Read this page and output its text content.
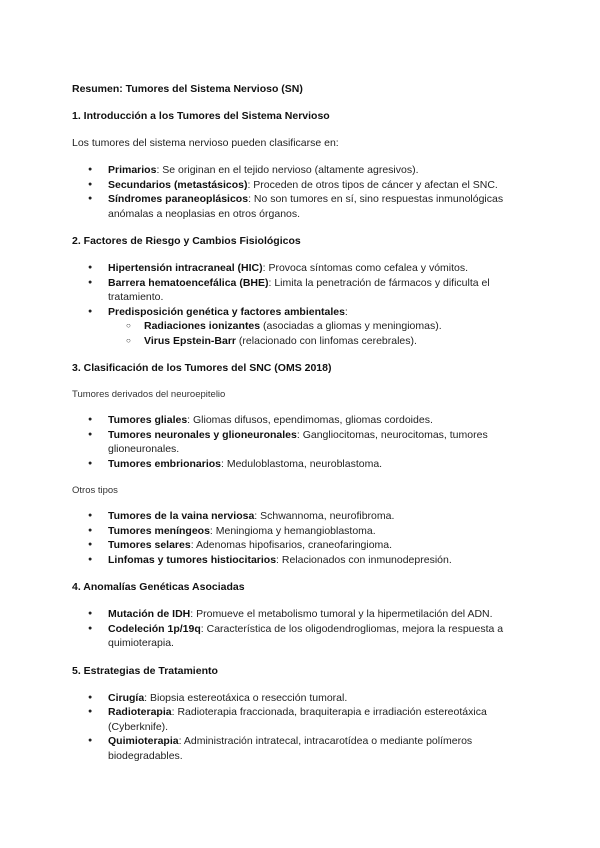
Resumen: Tumores del Sistema Nervioso (SN)
1. Introducción a los Tumores del Sistema Nervioso

Los tumores del sistema nervioso pueden clasificarse en:

● Primarios: Se originan en el tejido nervioso (altamente agresivos).
● Secundarios (metastásicos): Proceden de otros tipos de cáncer y afectan el SNC.
● Síndromes paraneoplásicos: No son tumores en sí, sino respuestas inmunológicas anómalas a neoplasias en otros órganos.
2. Factores de Riesgo y Cambios Fisiológicos
● Hipertensión intracraneal (HIC): Provoca síntomas como cefalea y vómitos.
● Barrera hematoencefálica (BHE): Limita la penetración de fármacos y dificulta el tratamiento.
● Predisposición genética y factores ambientales:
○ Radiaciones ionizantes (asociadas a gliomas y meningiomas).
○ Virus Epstein-Barr (relacionado con linfomas cerebrales).
3. Clasificación de los Tumores del SNC (OMS 2018)

Tumores derivados del neuroepitelio

● Tumores gliales: Gliomas difusos, ependimomas, gliomas cordoides.
● Tumores neuronales y glioneuronales: Gangliocitomas, neurocitomas, tumores glioneuronales.
● Tumores embrionarios: Meduloblastoma, neuroblastoma.

Otros tipos

● Tumores de la vaina nerviosa: Schwannoma, neurofibroma.
● Tumores meníngeos: Meningioma y hemangioblastoma.
● Tumores selares: Adenomas hipofisarios, craneofaringioma.
● Linfomas y tumores histiocitarios: Relacionados con inmunodepresión.
4. Anomalías Genéticas Asociadas
● Mutación de IDH: Promueve el metabolismo tumoral y la hipermetilación del ADN.
● Codeleción 1p/19q: Característica de los oligodendrogliomas, mejora la respuesta a quimioterapia.
5. Estrategias de Tratamiento
● Cirugía: Biopsia estereotáxica o resección tumoral.
● Radioterapia: Radioterapia fraccionada, braquiterapia e irradiación estereotáxica (Cyberknife).
● Quimioterapia: Administración intratecal, intracarotídea o mediante polímeros biodegradables.
